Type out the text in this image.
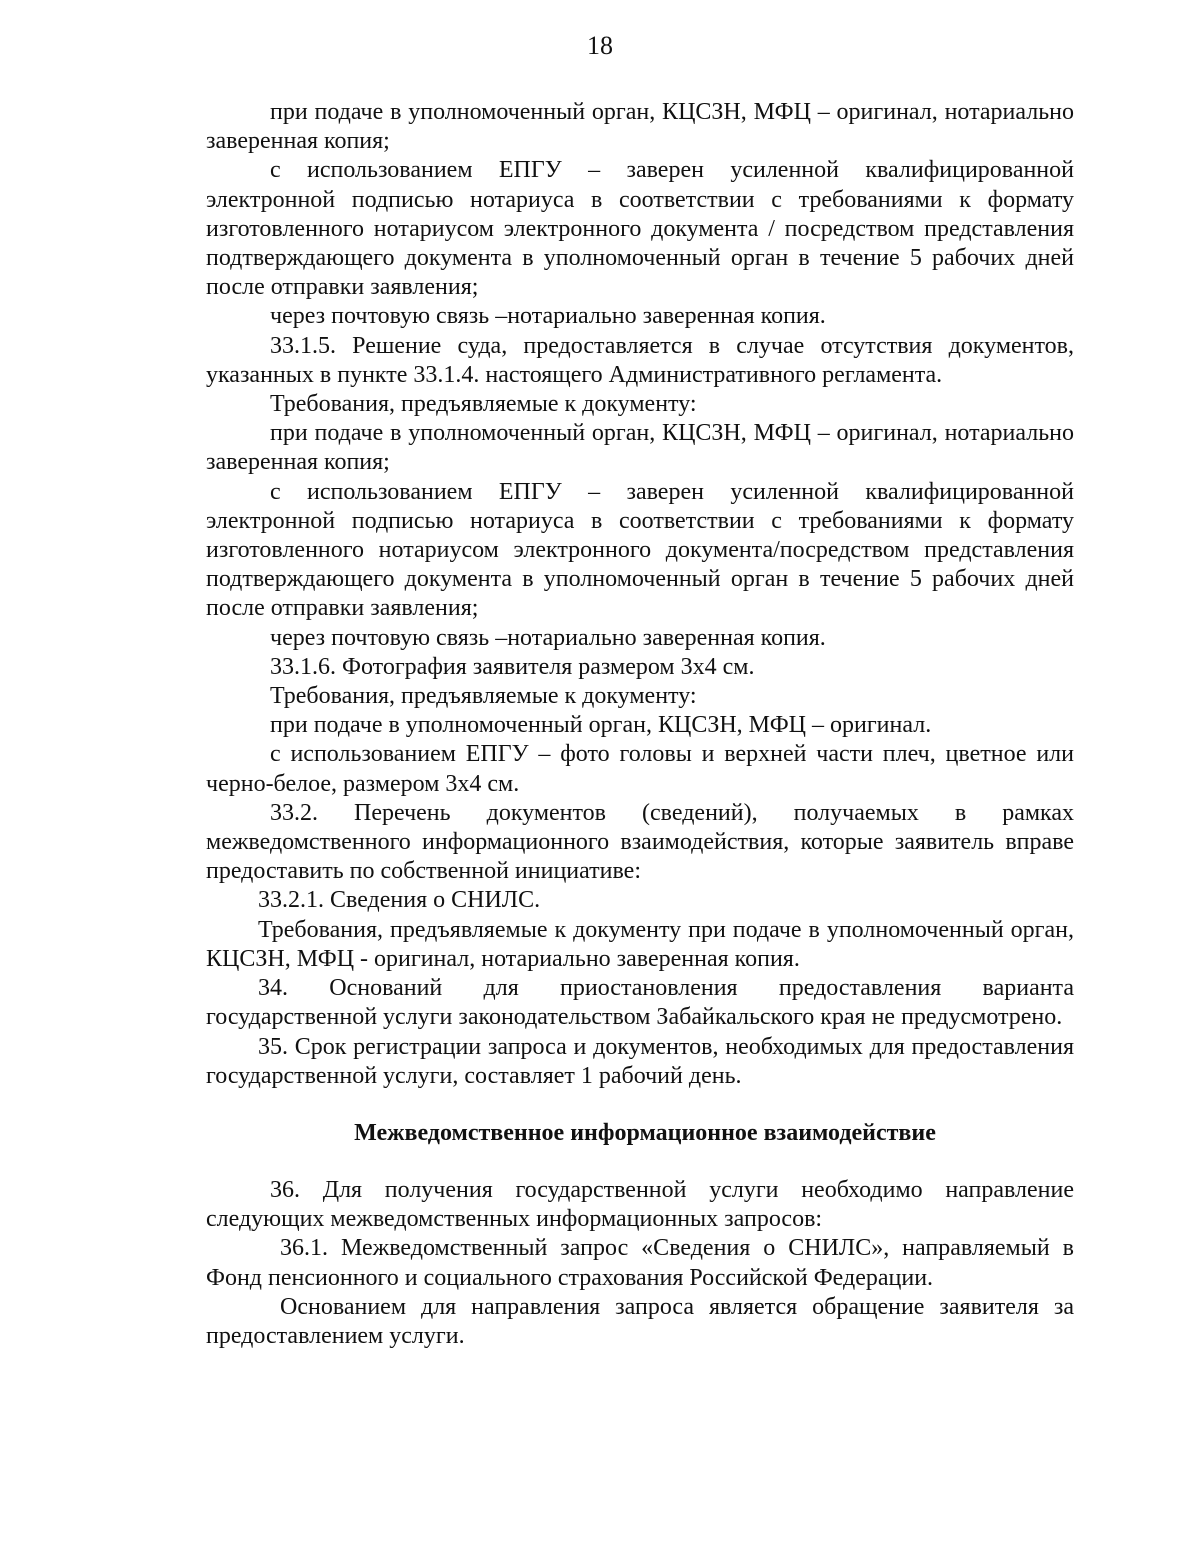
18

при подаче в уполномоченный орган, КЦСЗН, МФЦ – оригинал, нотариально заверенная копия;

с использованием ЕПГУ – заверен усиленной квалифицированной электронной подписью нотариуса в соответствии с требованиями к формату изготовленного нотариусом электронного документа / посредством представления подтверждающего документа в уполномоченный орган в течение 5 рабочих дней после отправки заявления;

через почтовую связь –нотариально заверенная копия.

33.1.5. Решение суда, предоставляется в случае отсутствия документов, указанных в пункте 33.1.4. настоящего Административного регламента.

Требования, предъявляемые к документу:

при подаче в уполномоченный орган, КЦСЗН, МФЦ – оригинал, нотариально заверенная копия;

с использованием ЕПГУ – заверен усиленной квалифицированной электронной подписью нотариуса в соответствии с требованиями к формату изготовленного нотариусом электронного документа/посредством представления подтверждающего документа в уполномоченный орган в течение 5 рабочих дней после отправки заявления;

через почтовую связь –нотариально заверенная копия.

33.1.6. Фотография заявителя размером 3x4 см.

Требования, предъявляемые к документу:

при подаче в уполномоченный орган, КЦСЗН, МФЦ – оригинал.

с использованием ЕПГУ – фото головы и верхней части плеч, цветное или черно-белое, размером 3x4 см.

33.2. Перечень документов (сведений), получаемых в рамках межведомственного информационного взаимодействия, которые заявитель вправе предоставить по собственной инициативе:

33.2.1. Сведения о СНИЛС.

Требования, предъявляемые к документу при подаче в уполномоченный орган, КЦСЗН, МФЦ - оригинал, нотариально заверенная копия.

34. Оснований для приостановления предоставления варианта государственной услуги законодательством Забайкальского края не предусмотрено.

35. Срок регистрации запроса и документов, необходимых для предоставления государственной услуги, составляет 1 рабочий день.

Межведомственное информационное взаимодействие

36. Для получения государственной услуги необходимо направление следующих межведомственных информационных запросов:

36.1. Межведомственный запрос «Сведения о СНИЛС», направляемый в Фонд пенсионного и социального страхования Российской Федерации.

Основанием для направления запроса является обращение заявителя за предоставлением услуги.
